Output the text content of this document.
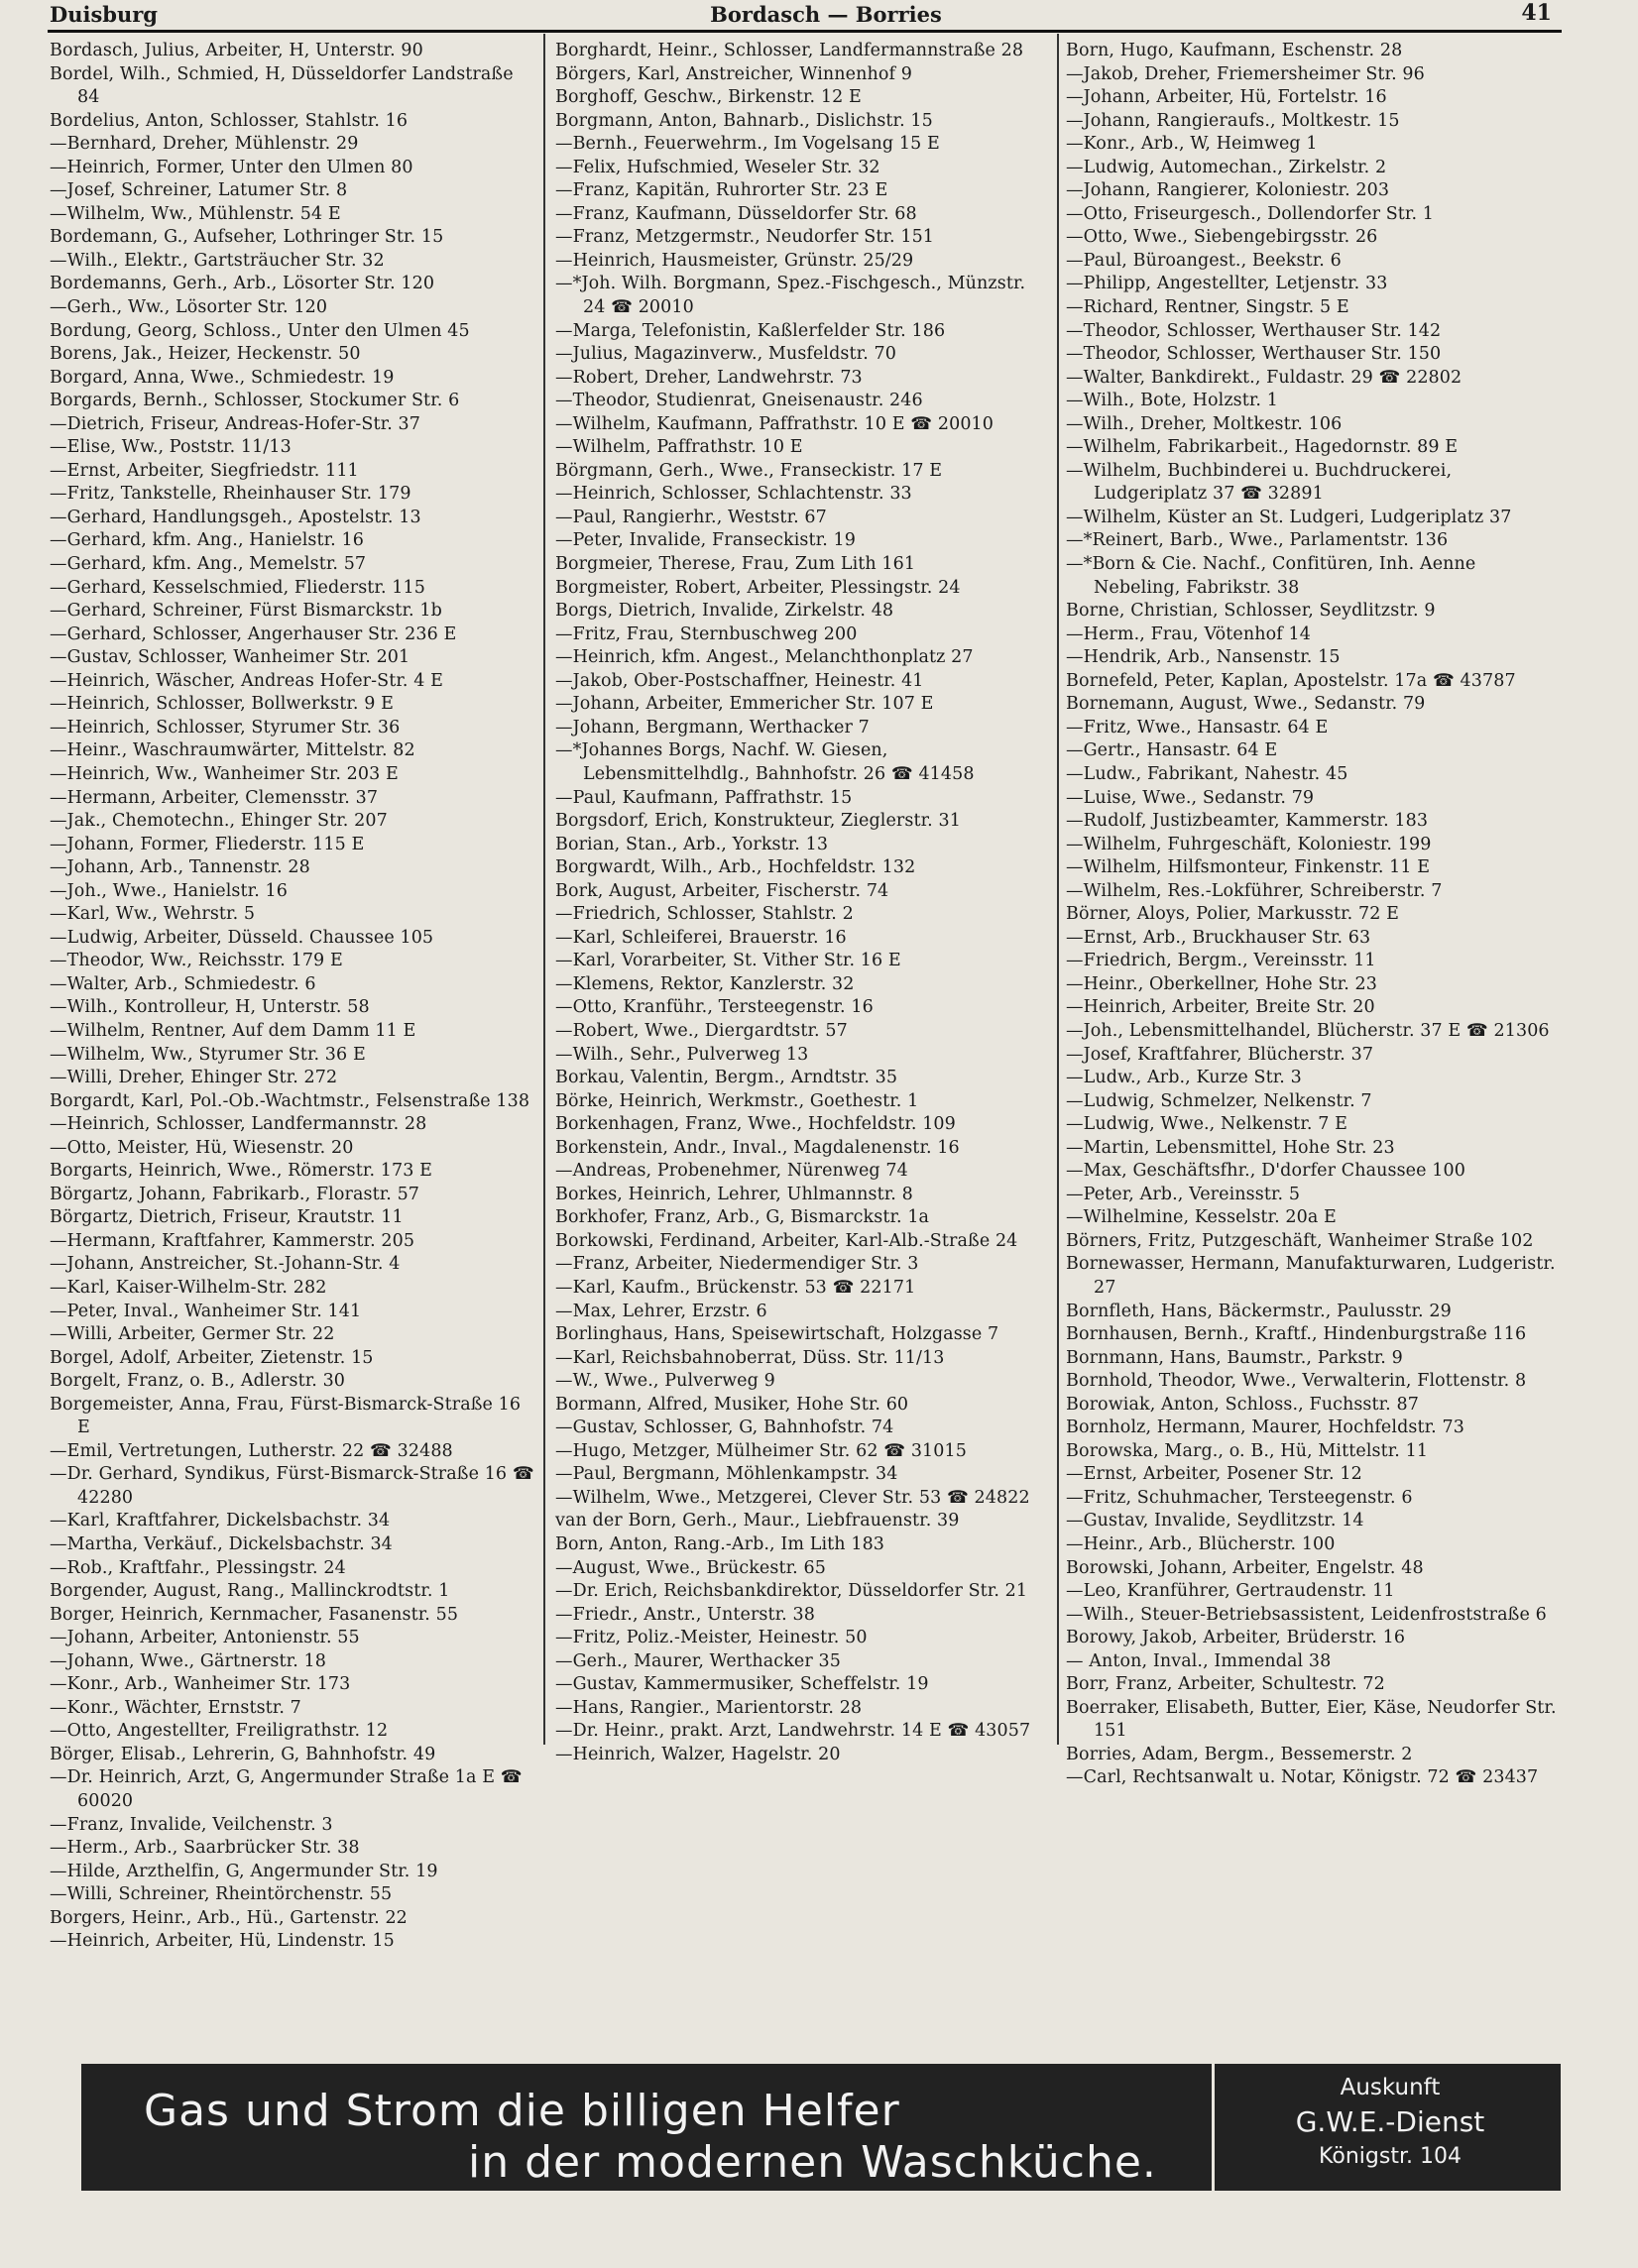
Duisburg	Bordasch — Borries	41
Bordasch, Julius, Arbeiter, H, Unterstr. 90
Bordel, Wilh., Schmied, H, Düsseldorfer Landstraße 84
Bordelius, Anton, Schlosser, Stahlstr. 16
—Bernhard, Dreher, Mühlenstr. 29
—Heinrich, Former, Unter den Ulmen 80
—Josef, Schreiner, Latumer Str. 8
—Wilhelm, Ww., Mühlenstr. 54 E
Bordemann, G., Aufseher, Lothringer Str. 15
—Wilh., Elektr., Gartsträucher Str. 32
Bordemanns, Gerh., Arb., Lösorter Str. 120
—Gerh., Ww., Lösorter Str. 120
Bordung, Georg, Schloss., Unter den Ulmen 45
Borens, Jak., Heizer, Heckenstr. 50
Borgard, Anna, Wwe., Schmiedestr. 19
Borgards, Bernh., Schlosser, Stockumer Str. 6
—Dietrich, Friseur, Andreas-Hofer-Str. 37
—Elise, Ww., Poststr. 11/13
—Ernst, Arbeiter, Siegfriedstr. 111
—Fritz, Tankstelle, Rheinhauser Str. 179
—Gerhard, Handlungsgeh., Apostelstr. 13
—Gerhard, kfm. Ang., Hanielstr. 16
—Gerhard, kfm. Ang., Memelstr. 57
—Gerhard, Kesselschmied, Fliederstr. 115
—Gerhard, Schreiner, Fürst Bismarckstr. 1b
—Gerhard, Schlosser, Angerhauser Str. 236 E
—Gustav, Schlosser, Wanheimer Str. 201
—Heinrich, Wäscher, Andreas Hofer-Str. 4 E
—Heinrich, Schlosser, Bollwerkstr. 9 E
—Heinrich, Schlosser, Styrumer Str. 36
—Heinr., Waschraumwärter, Mittelstr. 82
—Heinrich, Ww., Wanheimer Str. 203 E
—Hermann, Arbeiter, Clemensstr. 37
—Jak., Chemotechn., Ehinger Str. 207
—Johann, Former, Fliederstr. 115 E
—Johann, Arb., Tannenstr. 28
—Joh., Wwe., Hanielstr. 16
—Karl, Ww., Wehrstr. 5
—Ludwig, Arbeiter, Düsseld. Chaussee 105
—Theodor, Ww., Reichsstr. 179 E
—Walter, Arb., Schmiedestr. 6
—Wilh., Kontrolleur, H, Unterstr. 58
—Wilhelm, Rentner, Auf dem Damm 11 E
—Wilhelm, Ww., Styrumer Str. 36 E
—Willi, Dreher, Ehinger Str. 272
Borgardt, Karl, Pol.-Ob.-Wachtmstr., Felsenstraße 138
—Heinrich, Schlosser, Landfermannstr. 28
—Otto, Meister, Hü, Wiesenstr. 20
Borgarts, Heinrich, Wwe., Römerstr. 173 E
Börgartz, Johann, Fabrikarb., Florastr. 57
Börgartz, Dietrich, Friseur, Krautstr. 11
—Hermann, Kraftfahrer, Kammerstr. 205
—Johann, Anstreicher, St.-Johann-Str. 4
—Karl, Kaiser-Wilhelm-Str. 282
—Peter, Inval., Wanheimer Str. 141
—Willi, Arbeiter, Germer Str. 22
Borgel, Adolf, Arbeiter, Zietenstr. 15
Borgelt, Franz, o. B., Adlerstr. 30
Borgemeister, Anna, Frau, Fürst-Bismarck-Straße 16 E
—Emil, Vertretungen, Lutherstr. 22 ☎ 32488
—Dr. Gerhard, Syndikus, Fürst-Bismarck-Straße 16 ☎ 42280
—Karl, Kraftfahrer, Dickelsbachstr. 34
—Martha, Verkäuf., Dickelsbachstr. 34
—Rob., Kraftfahr., Plessingstr. 24
Borgender, August, Rang., Mallinckrodtstr. 1
Borger, Heinrich, Kernmacher, Fasanenstr. 55
—Johann, Arbeiter, Antonienstr. 55
—Johann, Wwe., Gärtnerstr. 18
—Konr., Arb., Wanheimer Str. 173
—Konr., Wächter, Ernststr. 7
—Otto, Angestellter, Freiligrathstr. 12
Börger, Elisab., Lehrerin, G, Bahnhofstr. 49
—Dr. Heinrich, Arzt, G, Angermunder Straße 1a E ☎ 60020
—Franz, Invalide, Veilchenstr. 3
—Herm., Arb., Saarbrücker Str. 38
—Hilde, Arzthelfin, G, Angermunder Str. 19
—Willi, Schreiner, Rheintörchenstr. 55
Borgers, Heinr., Arb., Hü., Gartenstr. 22
—Heinrich, Arbeiter, Hü, Lindenstr. 15
Borghardt, Heinr., Schlosser, Landfermannstraße 28
Börgers, Karl, Anstreicher, Winnenhof 9
Borghoff, Geschw., Birkenstr. 12 E
Borgmann, Anton, Bahnarb., Dislichstr. 15
—Bernh., Feuerwehrm., Im Vogelsang 15 E
—Felix, Hufschmied, Weseler Str. 32
—Franz, Kapitän, Ruhrorter Str. 23 E
—Franz, Kaufmann, Düsseldorfer Str. 68
—Franz, Metzgermstr., Neudorfer Str. 151
—Heinrich, Hausmeister, Grünstr. 25/29
—*Joh. Wilh. Borgmann, Spez.-Fischgesch., Münzstr. 24 ☎ 20010
—Marga, Telefonistin, Kaßlerfelder Str. 186
—Julius, Magazinverw., Musfeldstr. 70
—Robert, Dreher, Landwehrstr. 73
—Theodor, Studienrat, Gneisenaustr. 246
—Wilhelm, Kaufmann, Paffrathstr. 10 E ☎ 20010
—Wilhelm, Paffrathstr. 10 E
Börgmann, Gerh., Wwe., Franseckistr. 17 E
—Heinrich, Schlosser, Schlachtenstr. 33
—Paul, Rangierhr., Weststr. 67
—Peter, Invalide, Franseckistr. 19
Borgmeier, Therese, Frau, Zum Lith 161
Borgmeister, Robert, Arbeiter, Plessingstr. 24
Borgs, Dietrich, Invalide, Zirkelstr. 48
—Fritz, Frau, Sternbuschweg 200
—Heinrich, kfm. Angest., Melanchthonplatz 27
—Jakob, Ober-Postschaffner, Heinestr. 41
—Johann, Arbeiter, Emmericher Str. 107 E
—Johann, Bergmann, Werthacker 7
—*Johannes Borgs, Nachf. W. Giesen, Lebensmittelhdlg., Bahnhofstr. 26 ☎ 41458
—Paul, Kaufmann, Paffrathstr. 15
Borgsdorf, Erich, Konstrukteur, Zieglerstr. 31
Borian, Stan., Arb., Yorkstr. 13
Borgwardt, Wilh., Arb., Hochfeldstr. 132
Bork, August, Arbeiter, Fischerstr. 74
—Friedrich, Schlosser, Stahlstr. 2
—Karl, Schleiferei, Brauerstr. 16
—Karl, Vorarbeiter, St. Vither Str. 16 E
—Klemens, Rektor, Kanzlerstr. 32
—Otto, Kranführ., Tersteegenstr. 16
—Robert, Wwe., Diergardtstr. 57
—Wilh., Sehr., Pulverweg 13
Borkau, Valentin, Bergm., Arndtstr. 35
Börke, Heinrich, Werkmstr., Goethestr. 1
Borkenhagen, Franz, Wwe., Hochfeldstr. 109
Borkenstein, Andr., Inval., Magdalenenstr. 16
—Andreas, Probenehmer, Nürenweg 74
Borkes, Heinrich, Lehrer, Uhlmannstr. 8
Borkhofer, Franz, Arb., G, Bismarckstr. 1a
Borkowski, Ferdinand, Arbeiter, Karl-Alb.-Straße 24
—Franz, Arbeiter, Niedermendiger Str. 3
—Karl, Kaufm., Brückenstr. 53 ☎ 22171
—Max, Lehrer, Erzstr. 6
Borlinghaus, Hans, Speisewirtschaft, Holzgasse 7
—Karl, Reichsbahnoberrat, Düss. Str. 11/13
—W., Wwe., Pulverweg 9
Bormann, Alfred, Musiker, Hohe Str. 60
—Gustav, Schlosser, G, Bahnhofstr. 74
—Hugo, Metzger, Mülheimer Str. 62 ☎ 31015
—Paul, Bergmann, Möhlenkampstr. 34
—Wilhelm, Wwe., Metzgerei, Clever Str. 53 ☎ 24822
van der Born, Gerh., Maur., Liebfrauenstr. 39
Born, Anton, Rang.-Arb., Im Lith 183
—August, Wwe., Brückestr. 65
—Dr. Erich, Reichsbankdirektor, Düsseldorfer Str. 21
—Friedr., Anstr., Unterstr. 38
—Fritz, Poliz.-Meister, Heinestr. 50
—Gerh., Maurer, Werthacker 35
—Gustav, Kammermusiker, Scheffelstr. 19
—Hans, Rangier., Marientorstr. 28
—Dr. Heinr., prakt. Arzt, Landwehrstr. 14 E ☎ 43057
—Heinrich, Walzer, Hagelstr. 20
Born, Hugo, Kaufmann, Eschenstr. 28
—Jakob, Dreher, Friemersheimer Str. 96
—Johann, Arbeiter, Hü, Fortelstr. 16
—Johann, Rangieraufs., Moltkestr. 15
—Konr., Arb., W, Heimweg 1
—Ludwig, Automechan., Zirkelstr. 2
—Johann, Rangierer, Koloniestr. 203
—Otto, Friseurgesch., Dollendorfer Str. 1
—Otto, Wwe., Siebengebirgsstr. 26
—Paul, Büroangest., Beekstr. 6
—Philipp, Angestellter, Letjenstr. 33
—Richard, Rentner, Singstr. 5 E
—Theodor, Schlosser, Werthauser Str. 142
—Theodor, Schlosser, Werthauser Str. 150
—Walter, Bankdirekt., Fuldastr. 29 ☎ 22802
—Wilh., Bote, Holzstr. 1
—Wilh., Dreher, Moltkestr. 106
—Wilhelm, Fabrikarbeit., Hagedornstr. 89 E
—Wilhelm, Buchbinderei u. Buchdruckerei, Ludgeriplatz 37 ☎ 32891
—Wilhelm, Küster an St. Ludgeri, Ludgeriplatz 37
—*Reinert, Barb., Wwe., Parlamentstr. 136
—*Born & Cie. Nachf., Confitüren, Inh. Aenne Nebeling, Fabrikstr. 38
Borne, Christian, Schlosser, Seydlitzstr. 9
—Herm., Frau, Vötenhof 14
—Hendrik, Arb., Nansenstr. 15
Bornefeld, Peter, Kaplan, Apostelstr. 17a ☎ 43787
Bornemann, August, Wwe., Sedanstr. 79
—Fritz, Wwe., Hansastr. 64 E
—Gertr., Hansastr. 64 E
—Ludw., Fabrikant, Nahestr. 45
—Luise, Wwe., Sedanstr. 79
—Rudolf, Justizbeamter, Kammerstr. 183
—Wilhelm, Fuhrgeschäft, Koloniestr. 199
—Wilhelm, Hilfsmonteur, Finkenstr. 11 E
—Wilhelm, Res.-Lokführer, Schreiberstr. 7
Börner, Aloys, Polier, Markusstr. 72 E
—Ernst, Arb., Bruckhauser Str. 63
—Friedrich, Bergm., Vereinsstr. 11
—Heinr., Oberkellner, Hohe Str. 23
—Heinrich, Arbeiter, Breite Str. 20
—Joh., Lebensmittelhandel, Blücherstr. 37 E ☎ 21306
—Josef, Kraftfahrer, Blücherstr. 37
—Ludw., Arb., Kurze Str. 3
—Ludwig, Schmelzer, Nelkenstr. 7
—Ludwig, Wwe., Nelkenstr. 7 E
—Martin, Lebensmittel, Hohe Str. 23
—Max, Geschäftsfhr., D'dorfer Chaussee 100
—Peter, Arb., Vereinsstr. 5
—Wilhelmine, Kesselstr. 20a E
Börners, Fritz, Putzgeschäft, Wanheimer Straße 102
Bornewasser, Hermann, Manufakturwaren, Ludgeristr. 27
Bornfleth, Hans, Bäckermstr., Paulusstr. 29
Bornhausen, Bernh., Kraftf., Hindenburgstraße 116
Bornmann, Hans, Baumstr., Parkstr. 9
Bornhold, Theodor, Wwe., Verwalterin, Flottenstr. 8
Borowiak, Anton, Schloss., Fuchsstr. 87
Bornholz, Hermann, Maurer, Hochfeldstr. 73
Borowska, Marg., o. B., Hü, Mittelstr. 11
—Ernst, Arbeiter, Posener Str. 12
—Fritz, Schuhmacher, Tersteegenstr. 6
—Gustav, Invalide, Seydlitzstr. 14
—Heinr., Arb., Blücherstr. 100
Borowski, Johann, Arbeiter, Engelstr. 48
—Leo, Kranführer, Gertraudenstr. 11
—Wilh., Steuer-Betriebsassistent, Leidenfroststraße 6
Borowy, Jakob, Arbeiter, Brüderstr. 16
— Anton, Inval., Immendal 38
Borr, Franz, Arbeiter, Schultestr. 72
Boerraker, Elisabeth, Butter, Eier, Käse, Neudorfer Str. 151
Borries, Adam, Bergm., Bessemerstr. 2
—Carl, Rechtsanwalt u. Notar, Königstr. 72 ☎ 23437
Gas und Strom die billigen Helfer
in der modernen Waschküche.
Auskunft
G.W.E.-Dienst
Königstr. 104
